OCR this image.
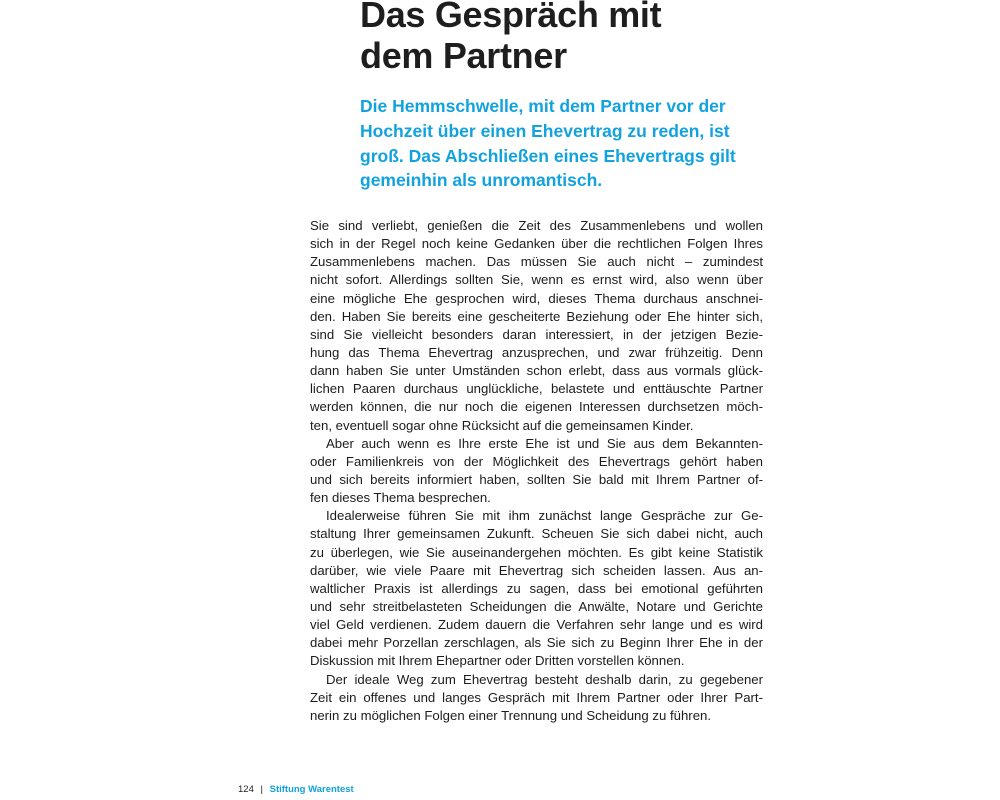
Das Gespräch mit
dem Partner

Die Hemmschwelle, mit dem Partner vor der
Hochzeit über einen Ehevertrag zu reden, ist
groß. Das Abschließen eines Ehevertrags gilt
gemeinhin als unromantisch.

Sie sind verliebt, genießen die Zeit des Zusammenlebens und wollen
sich in der Regel noch keine Gedanken über die rechtlichen Folgen Ihres
Zusammenlebens machen. Das müssen Sie auch nicht – zumindest
nicht sofort. Allerdings sollten Sie, wenn es ernst wird, also wenn über
eine mögliche Ehe gesprochen wird, dieses Thema durchaus anschnei-
den. Haben Sie bereits eine gescheiterte Beziehung oder Ehe hinter sich,
sind Sie vielleicht besonders daran interessiert, in der jetzigen Bezie-
hung das Thema Ehevertrag anzusprechen, und zwar frühzeitig. Denn
dann haben Sie unter Umständen schon erlebt, dass aus vormals glück-
lichen Paaren durchaus unglückliche, belastete und enttäuschte Partner
werden können, die nur noch die eigenen Interessen durchsetzen möch-
ten, eventuell sogar ohne Rücksicht auf die gemeinsamen Kinder.
Aber auch wenn es Ihre erste Ehe ist und Sie aus dem Bekannten-
oder Familienkreis von der Möglichkeit des Ehevertrags gehört haben
und sich bereits informiert haben, sollten Sie bald mit Ihrem Partner of-
fen dieses Thema besprechen.
Idealerweise führen Sie mit ihm zunächst lange Gespräche zur Ge-
staltung Ihrer gemeinsamen Zukunft. Scheuen Sie sich dabei nicht, auch
zu überlegen, wie Sie auseinandergehen möchten. Es gibt keine Statistik
darüber, wie viele Paare mit Ehevertrag sich scheiden lassen. Aus an-
waltlicher Praxis ist allerdings zu sagen, dass bei emotional geführten
und sehr streitbelasteten Scheidungen die Anwälte, Notare und Gerichte
viel Geld verdienen. Zudem dauern die Verfahren sehr lange und es wird
dabei mehr Porzellan zerschlagen, als Sie sich zu Beginn Ihrer Ehe in der
Diskussion mit Ihrem Ehepartner oder Dritten vorstellen können.
Der ideale Weg zum Ehevertrag besteht deshalb darin, zu gegebener
Zeit ein offenes und langes Gespräch mit Ihrem Partner oder Ihrer Part-
nerin zu möglichen Folgen einer Trennung und Scheidung zu führen.
124 | Stiftung Warentest
